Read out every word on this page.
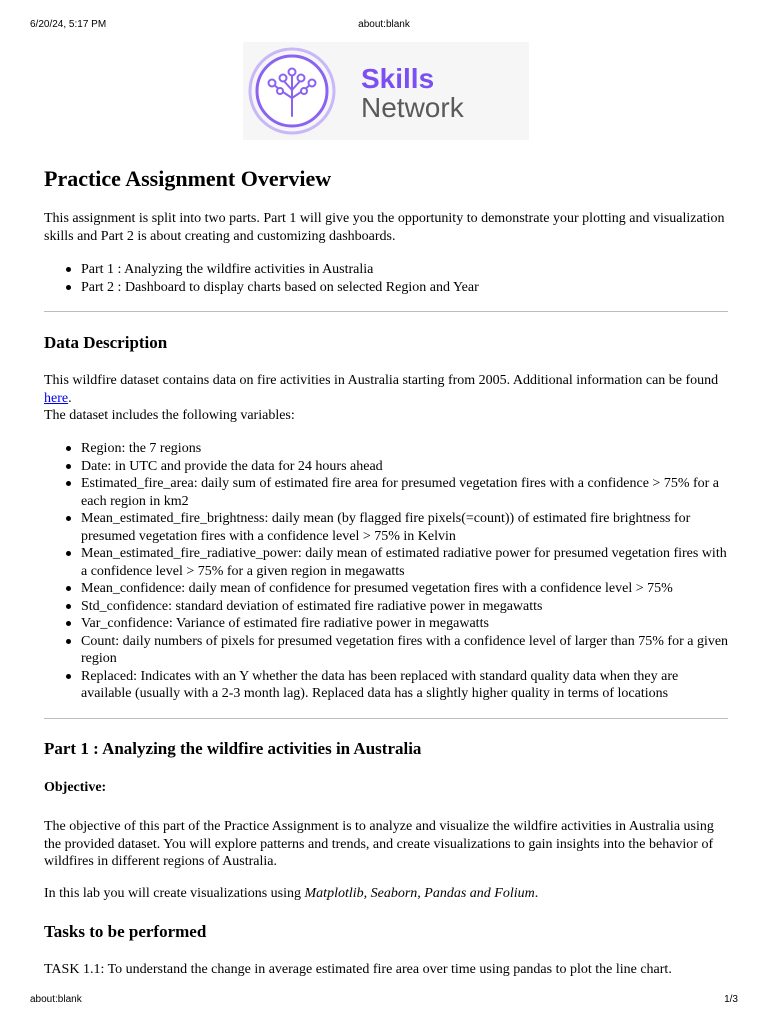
6/20/24, 5:17 PM	about:blank
Skills
Network
Practice Assignment Overview

This assignment is split into two parts. Part 1 will give you the opportunity to demonstrate your plotting and visualization skills and Part 2 is about creating and customizing dashboards.

Part 1 : Analyzing the wildfire activities in Australia
Part 2 : Dashboard to display charts based on selected Region and Year
Data Description

This wildfire dataset contains data on fire activities in Australia starting from 2005. Additional information can be found here.
The dataset includes the following variables:

Region: the 7 regions
Date: in UTC and provide the data for 24 hours ahead
Estimated_fire_area: daily sum of estimated fire area for presumed vegetation fires with a confidence > 75% for a each region in km2
Mean_estimated_fire_brightness: daily mean (by flagged fire pixels(=count)) of estimated fire brightness for presumed vegetation fires with a confidence level > 75% in Kelvin
Mean_estimated_fire_radiative_power: daily mean of estimated radiative power for presumed vegetation fires with a confidence level > 75% for a given region in megawatts
Mean_confidence: daily mean of confidence for presumed vegetation fires with a confidence level > 75%
Std_confidence: standard deviation of estimated fire radiative power in megawatts
Var_confidence: Variance of estimated fire radiative power in megawatts
Count: daily numbers of pixels for presumed vegetation fires with a confidence level of larger than 75% for a given region
Replaced: Indicates with an Y whether the data has been replaced with standard quality data when they are available (usually with a 2-3 month lag). Replaced data has a slightly higher quality in terms of locations
Part 1 : Analyzing the wildfire activities in Australia
Objective:

The objective of this part of the Practice Assignment is to analyze and visualize the wildfire activities in Australia using the provided dataset. You will explore patterns and trends, and create visualizations to gain insights into the behavior of wildfires in different regions of Australia.

In this lab you will create visualizations using Matplotlib, Seaborn, Pandas and Folium.

Tasks to be performed

TASK 1.1: To understand the change in average estimated fire area over time using pandas to plot the line chart.

about:blank	1/3
